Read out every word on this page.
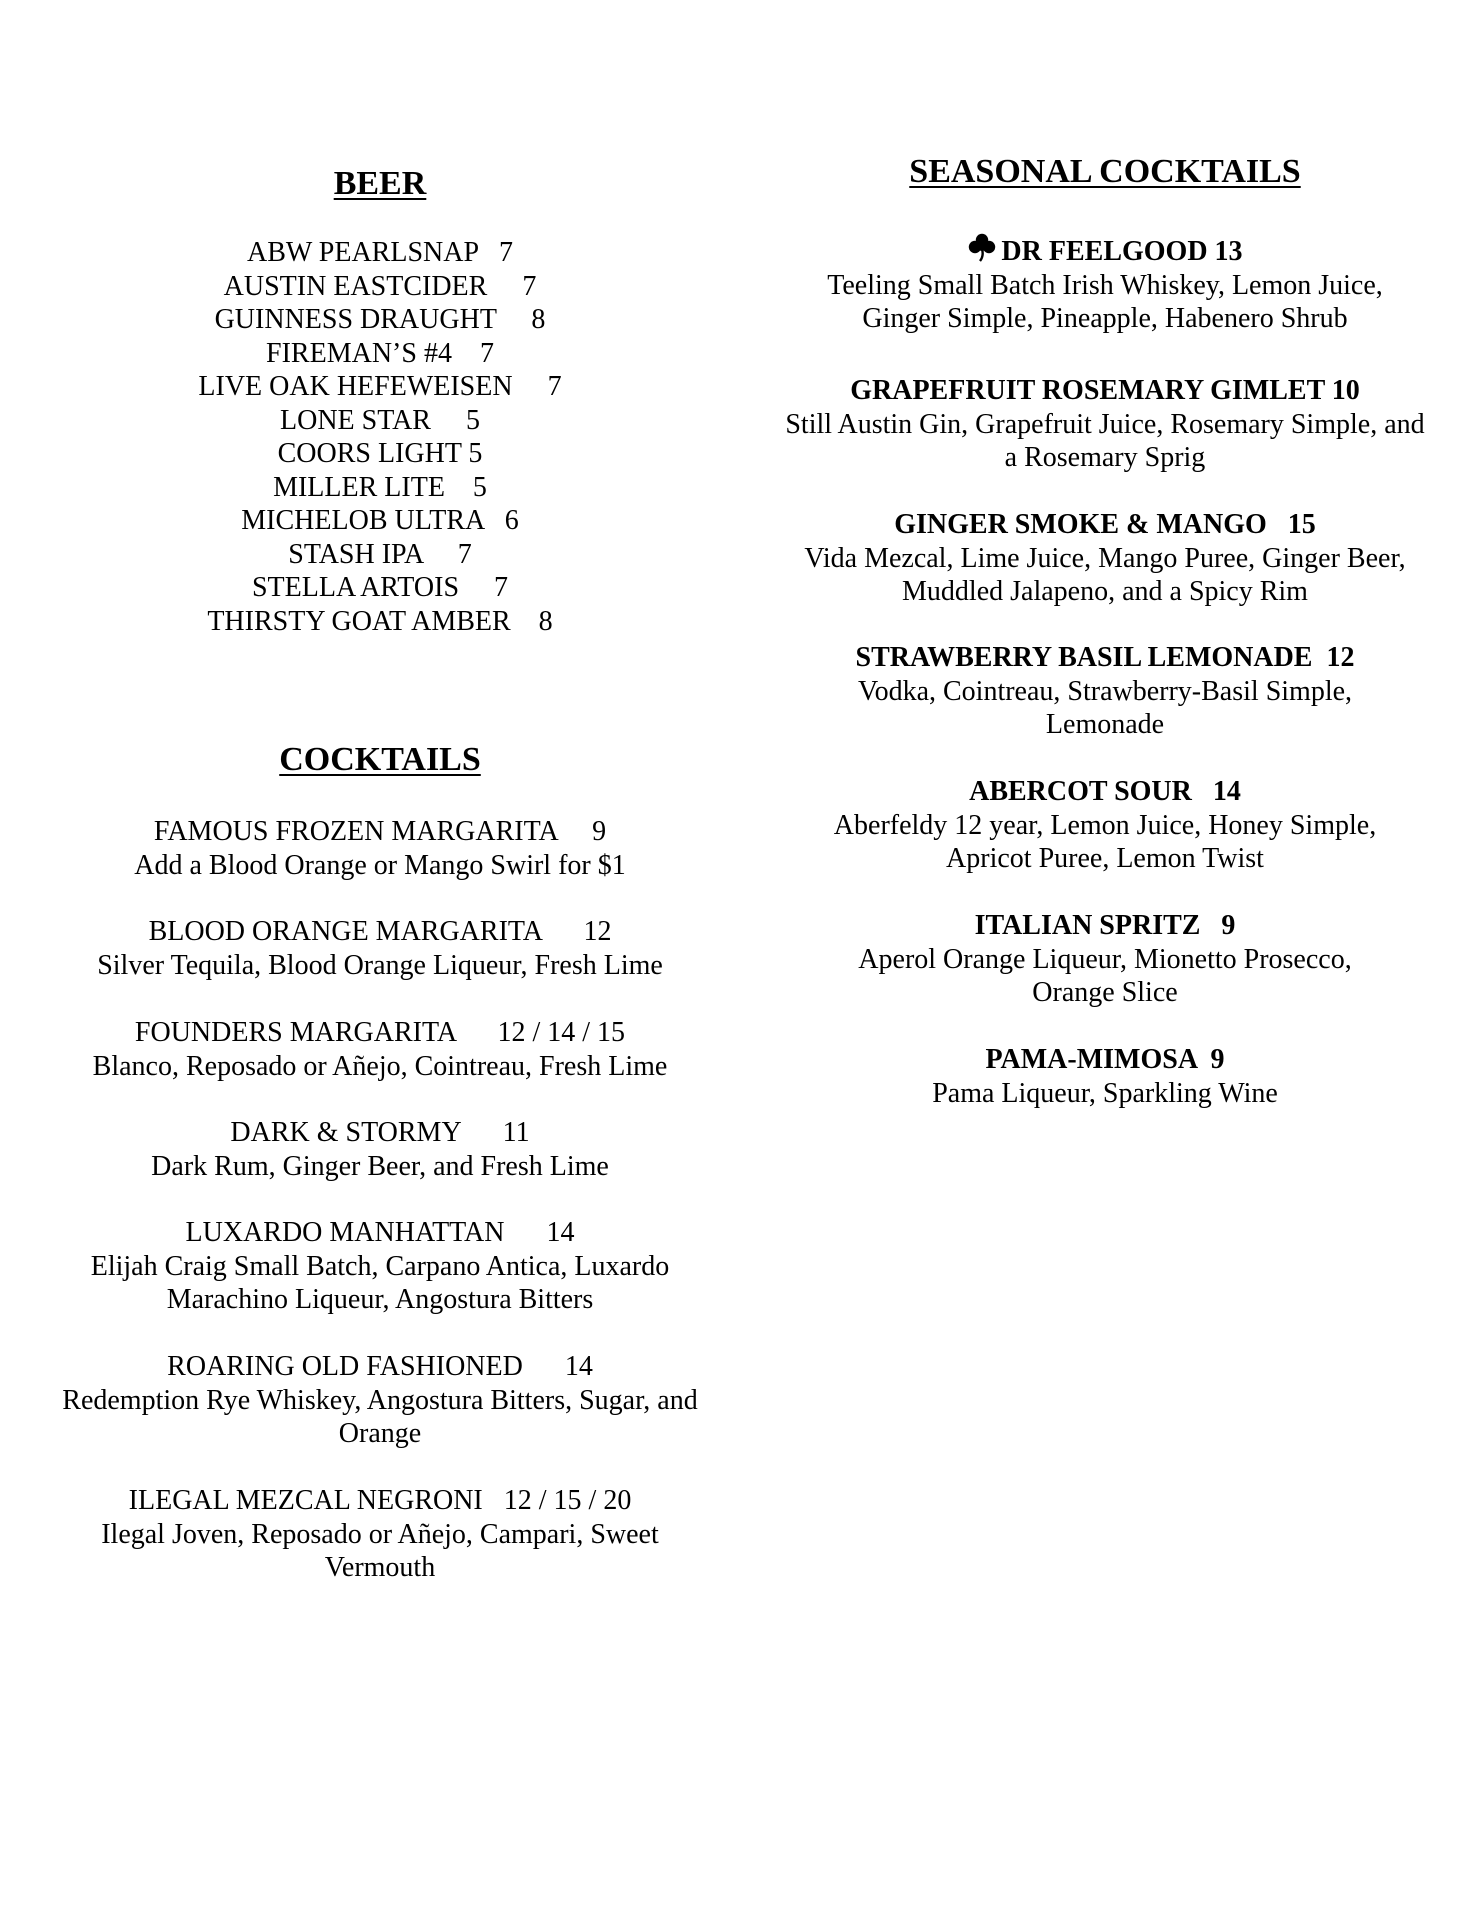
BEER
ABW PEARLSNAP   7
AUSTIN EASTCIDER     7
GUINNESS DRAUGHT     8
FIREMAN’S #4    7
LIVE OAK HEFEWEISEN     7
LONE STAR     5
COORS LIGHT 5
MILLER LITE    5
MICHELOB ULTRA   6
STASH IPA     7
STELLA ARTOIS     7
THIRSTY GOAT AMBER    8
COCKTAILS
FAMOUS FROZEN MARGARITA     9
Add a Blood Orange or Mango Swirl for $1
BLOOD ORANGE MARGARITA      12
Silver Tequila, Blood Orange Liqueur, Fresh Lime
FOUNDERS MARGARITA      12 / 14 / 15
Blanco, Reposado or Añejo, Cointreau, Fresh Lime
DARK & STORMY      11
Dark Rum, Ginger Beer, and Fresh Lime
LUXARDO MANHATTAN      14
Elijah Craig Small Batch, Carpano Antica, Luxardo Marachino Liqueur, Angostura Bitters
ROARING OLD FASHIONED      14
Redemption Rye Whiskey, Angostura Bitters, Sugar, and Orange
ILEGAL MEZCAL NEGRONI   12 / 15 / 20
Ilegal Joven, Reposado or Añejo, Campari, Sweet Vermouth
SEASONAL COCKTAILS
DR FEELGOOD 13
Teeling Small Batch Irish Whiskey, Lemon Juice, Ginger Simple, Pineapple, Habenero Shrub
GRAPEFRUIT ROSEMARY GIMLET 10
Still Austin Gin, Grapefruit Juice, Rosemary Simple, and a Rosemary Sprig
GINGER SMOKE & MANGO   15
Vida Mezcal, Lime Juice, Mango Puree, Ginger Beer, Muddled Jalapeno, and a Spicy Rim
STRAWBERRY BASIL LEMONADE  12
Vodka, Cointreau, Strawberry-Basil Simple, Lemonade
ABERCOT SOUR   14
Aberfeldy 12 year, Lemon Juice, Honey Simple, Apricot Puree, Lemon Twist
ITALIAN SPRITZ   9
Aperol Orange Liqueur, Mionetto Prosecco, Orange Slice
PAMA-MIMOSA  9
Pama Liqueur, Sparkling Wine
